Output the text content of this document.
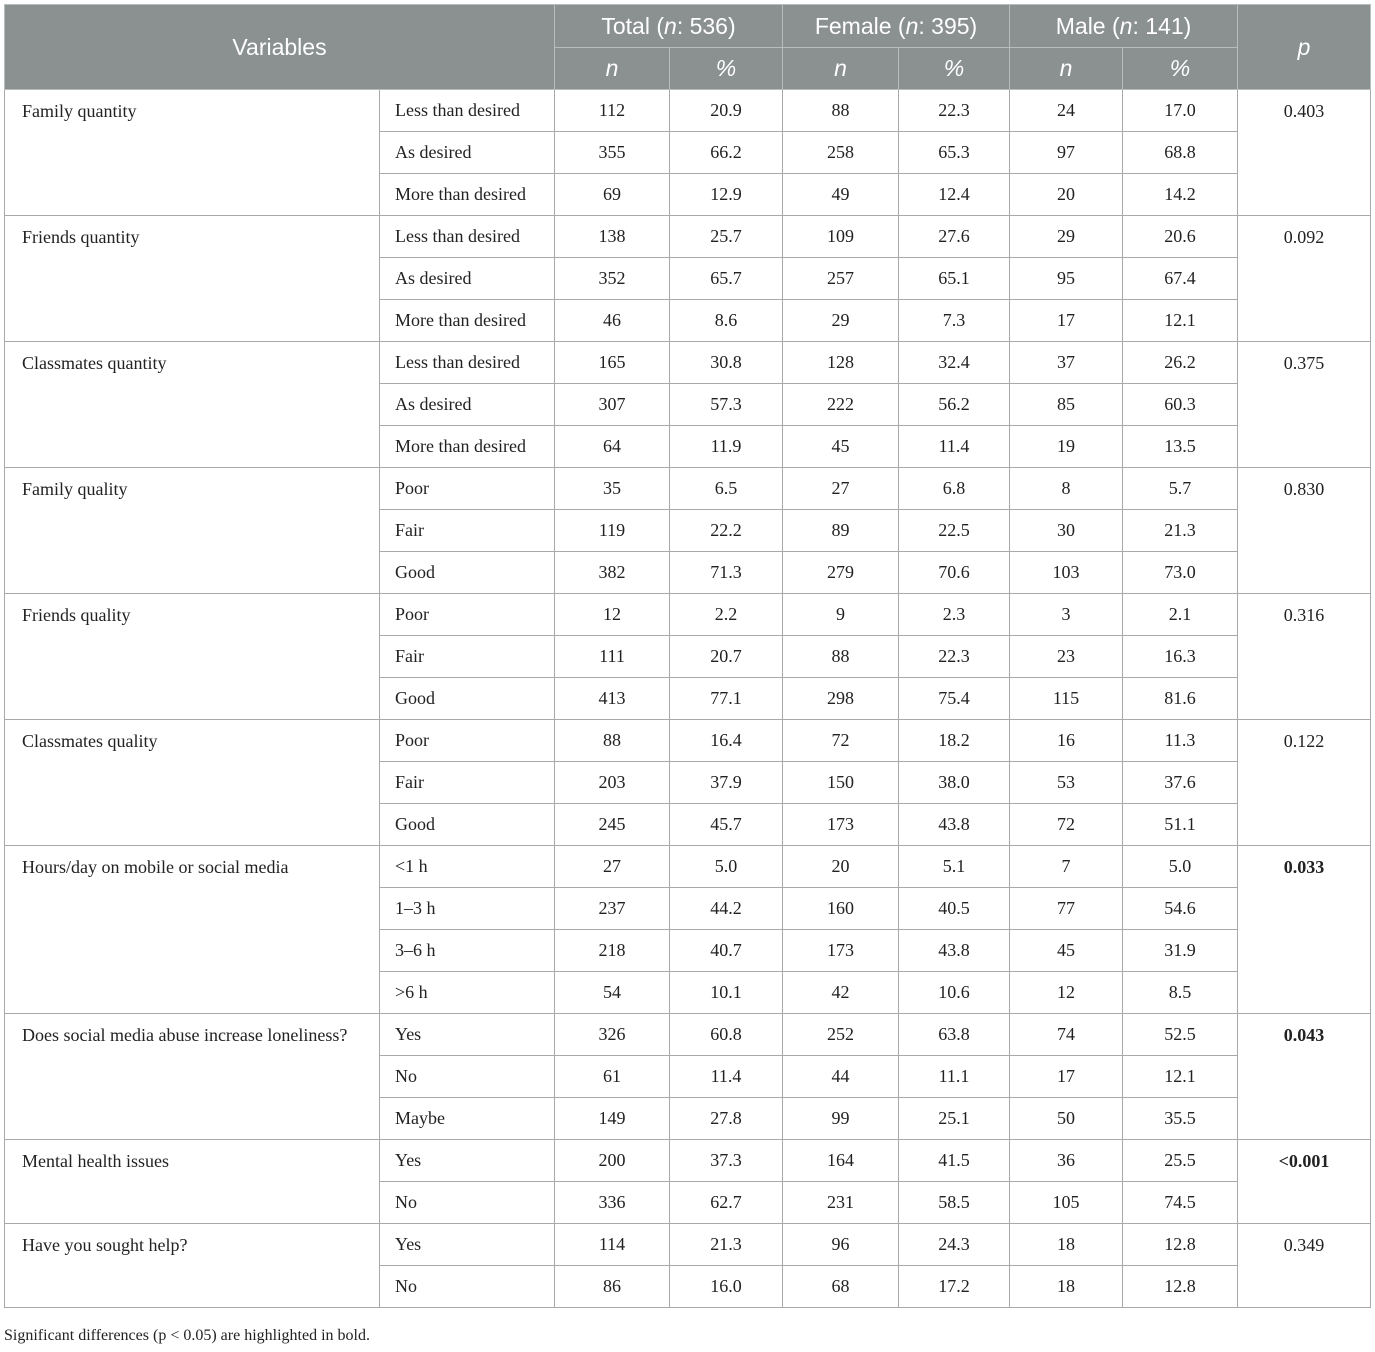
Variables		Total (n: 536)		Female (n: 395)		Male (n: 141)		p
		n	%	n	%	n	%	
Family quantity	Less than desired	112	20.9	88	22.3	24	17.0	0.403
	As desired	355	66.2	258	65.3	97	68.8	
	More than desired	69	12.9	49	12.4	20	14.2	
Friends quantity	Less than desired	138	25.7	109	27.6	29	20.6	0.092
	As desired	352	65.7	257	65.1	95	67.4	
	More than desired	46	8.6	29	7.3	17	12.1	
Classmates quantity	Less than desired	165	30.8	128	32.4	37	26.2	0.375
	As desired	307	57.3	222	56.2	85	60.3	
	More than desired	64	11.9	45	11.4	19	13.5	
Family quality	Poor	35	6.5	27	6.8	8	5.7	0.830
	Fair	119	22.2	89	22.5	30	21.3	
	Good	382	71.3	279	70.6	103	73.0	
Friends quality	Poor	12	2.2	9	2.3	3	2.1	0.316
	Fair	111	20.7	88	22.3	23	16.3	
	Good	413	77.1	298	75.4	115	81.6	
Classmates quality	Poor	88	16.4	72	18.2	16	11.3	0.122
	Fair	203	37.9	150	38.0	53	37.6	
	Good	245	45.7	173	43.8	72	51.1	
Hours/day on mobile or social media	<1 h	27	5.0	20	5.1	7	5.0	0.033
	1–3 h	237	44.2	160	40.5	77	54.6	
	3–6 h	218	40.7	173	43.8	45	31.9	
	>6 h	54	10.1	42	10.6	12	8.5	
Does social media abuse increase loneliness?	Yes	326	60.8	252	63.8	74	52.5	0.043
	No	61	11.4	44	11.1	17	12.1	
	Maybe	149	27.8	99	25.1	50	35.5	
Mental health issues	Yes	200	37.3	164	41.5	36	25.5	<0.001
	No	336	62.7	231	58.5	105	74.5	
Have you sought help?	Yes	114	21.3	96	24.3	18	12.8	0.349
	No	86	16.0	68	17.2	18	12.8	

Significant differences (p < 0.05) are highlighted in bold.
